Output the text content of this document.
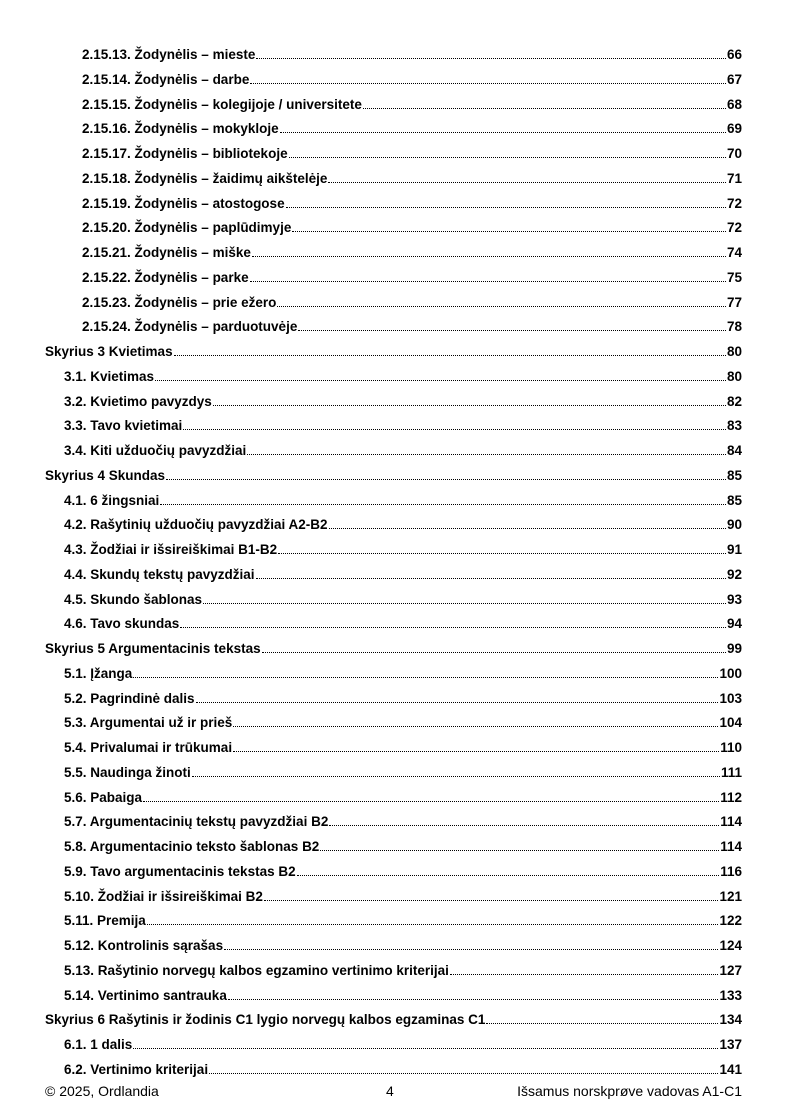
2.15.13. Žodynėlis – mieste	66
2.15.14. Žodynėlis – darbe	67
2.15.15. Žodynėlis – kolegijoje / universitete	68
2.15.16. Žodynėlis – mokykloje	69
2.15.17. Žodynėlis – bibliotekoje	70
2.15.18. Žodynėlis – žaidimų aikštelėje	71
2.15.19. Žodynėlis – atostogose	72
2.15.20. Žodynėlis – paplūdimyje	72
2.15.21. Žodynėlis – miške	74
2.15.22. Žodynėlis – parke	75
2.15.23. Žodynėlis – prie ežero	77
2.15.24. Žodynėlis – parduotuvėje	78
Skyrius 3 Kvietimas	80
3.1. Kvietimas	80
3.2. Kvietimo pavyzdys	82
3.3. Tavo kvietimai	83
3.4. Kiti užduočių pavyzdžiai	84
Skyrius 4 Skundas	85
4.1. 6 žingsniai	85
4.2. Rašytinių užduočių pavyzdžiai A2-B2	90
4.3. Žodžiai ir išsireiškimai B1-B2	91
4.4. Skundų tekstų pavyzdžiai	92
4.5. Skundo šablonas	93
4.6. Tavo skundas	94
Skyrius 5 Argumentacinis tekstas	99
5.1. Įžanga	100
5.2. Pagrindinė dalis	103
5.3. Argumentai už ir prieš	104
5.4. Privalumai ir trūkumai	110
5.5. Naudinga žinoti	111
5.6. Pabaiga	112
5.7. Argumentacinių tekstų pavyzdžiai B2	114
5.8. Argumentacinio teksto šablonas B2	114
5.9. Tavo argumentacinis tekstas B2	116
5.10. Žodžiai ir išsireiškimai B2	121
5.11. Premija	122
5.12. Kontrolinis sąrašas	124
5.13. Rašytinio norvegų kalbos egzamino vertinimo kriterijai	127
5.14. Vertinimo santrauka	133
Skyrius 6 Rašytinis ir žodinis C1 lygio norvegų kalbos egzaminas C1	134
6.1. 1 dalis	137
6.2. Vertinimo kriterijai	141
© 2025, Ordlandia	4	Išsamus norskprøve vadovas A1-C1
